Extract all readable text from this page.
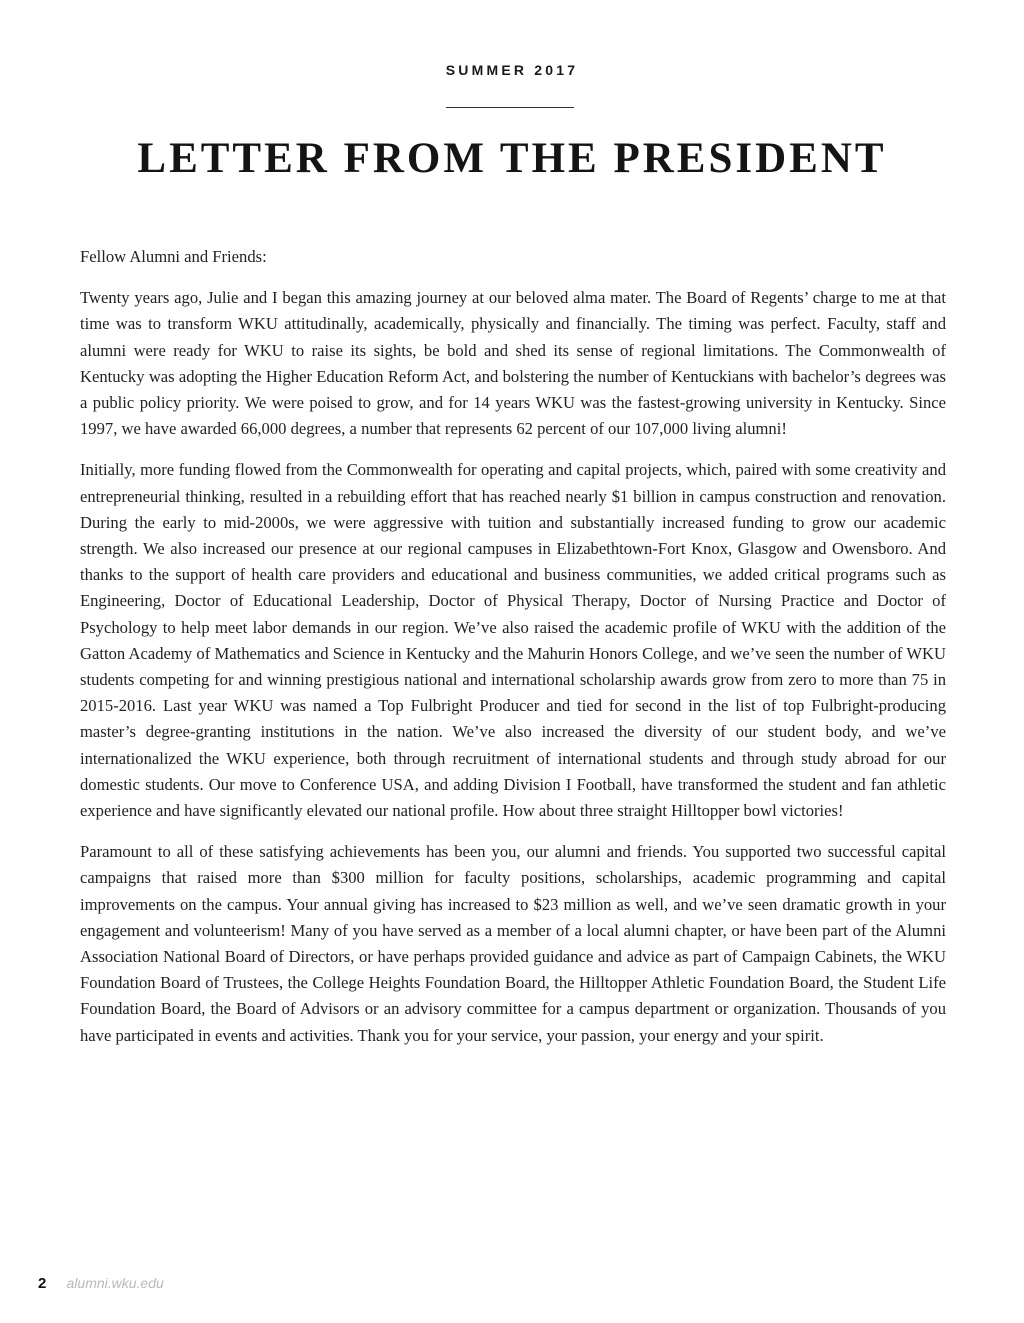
SUMMER 2017
LETTER FROM THE PRESIDENT

Fellow Alumni and Friends:

Twenty years ago, Julie and I began this amazing journey at our beloved alma mater. The Board of Regents’ charge to me at that time was to transform WKU attitudinally, academically, physically and financially. The timing was perfect. Faculty, staff and alumni were ready for WKU to raise its sights, be bold and shed its sense of regional limitations. The Commonwealth of Kentucky was adopting the Higher Education Reform Act, and bolstering the number of Kentuckians with bachelor’s degrees was a public policy priority. We were poised to grow, and for 14 years WKU was the fastest-growing university in Kentucky. Since 1997, we have awarded 66,000 degrees, a number that represents 62 percent of our 107,000 living alumni!

Initially, more funding flowed from the Commonwealth for operating and capital projects, which, paired with some creativity and entrepreneurial thinking, resulted in a rebuilding effort that has reached nearly $1 billion in campus construction and renovation. During the early to mid-2000s, we were aggressive with tuition and substantially increased funding to grow our academic strength. We also increased our presence at our regional campuses in Elizabethtown-Fort Knox, Glasgow and Owensboro. And thanks to the support of health care providers and educational and business communities, we added critical programs such as Engineering, Doctor of Educational Leadership, Doctor of Physical Therapy, Doctor of Nursing Practice and Doctor of Psychology to help meet labor demands in our region. We’ve also raised the academic profile of WKU with the addition of the Gatton Academy of Mathematics and Science in Kentucky and the Mahurin Honors College, and we’ve seen the number of WKU students competing for and winning prestigious national and international scholarship awards grow from zero to more than 75 in 2015-2016. Last year WKU was named a Top Fulbright Producer and tied for second in the list of top Fulbright-producing master’s degree-granting institutions in the nation. We’ve also increased the diversity of our student body, and we’ve internationalized the WKU experience, both through recruitment of international students and through study abroad for our domestic students. Our move to Conference USA, and adding Division I Football, have transformed the student and fan athletic experience and have significantly elevated our national profile. How about three straight Hilltopper bowl victories!

Paramount to all of these satisfying achievements has been you, our alumni and friends. You supported two successful capital campaigns that raised more than $300 million for faculty positions, scholarships, academic programming and capital improvements on the campus. Your annual giving has increased to $23 million as well, and we’ve seen dramatic growth in your engagement and volunteerism! Many of you have served as a member of a local alumni chapter, or have been part of the Alumni Association National Board of Directors, or have perhaps provided guidance and advice as part of Campaign Cabinets, the WKU Foundation Board of Trustees, the College Heights Foundation Board, the Hilltopper Athletic Foundation Board, the Student Life Foundation Board, the Board of Advisors or an advisory committee for a campus department or organization. Thousands of you have participated in events and activities. Thank you for your service, your passion, your energy and your spirit.

2 alumni.wku.edu
